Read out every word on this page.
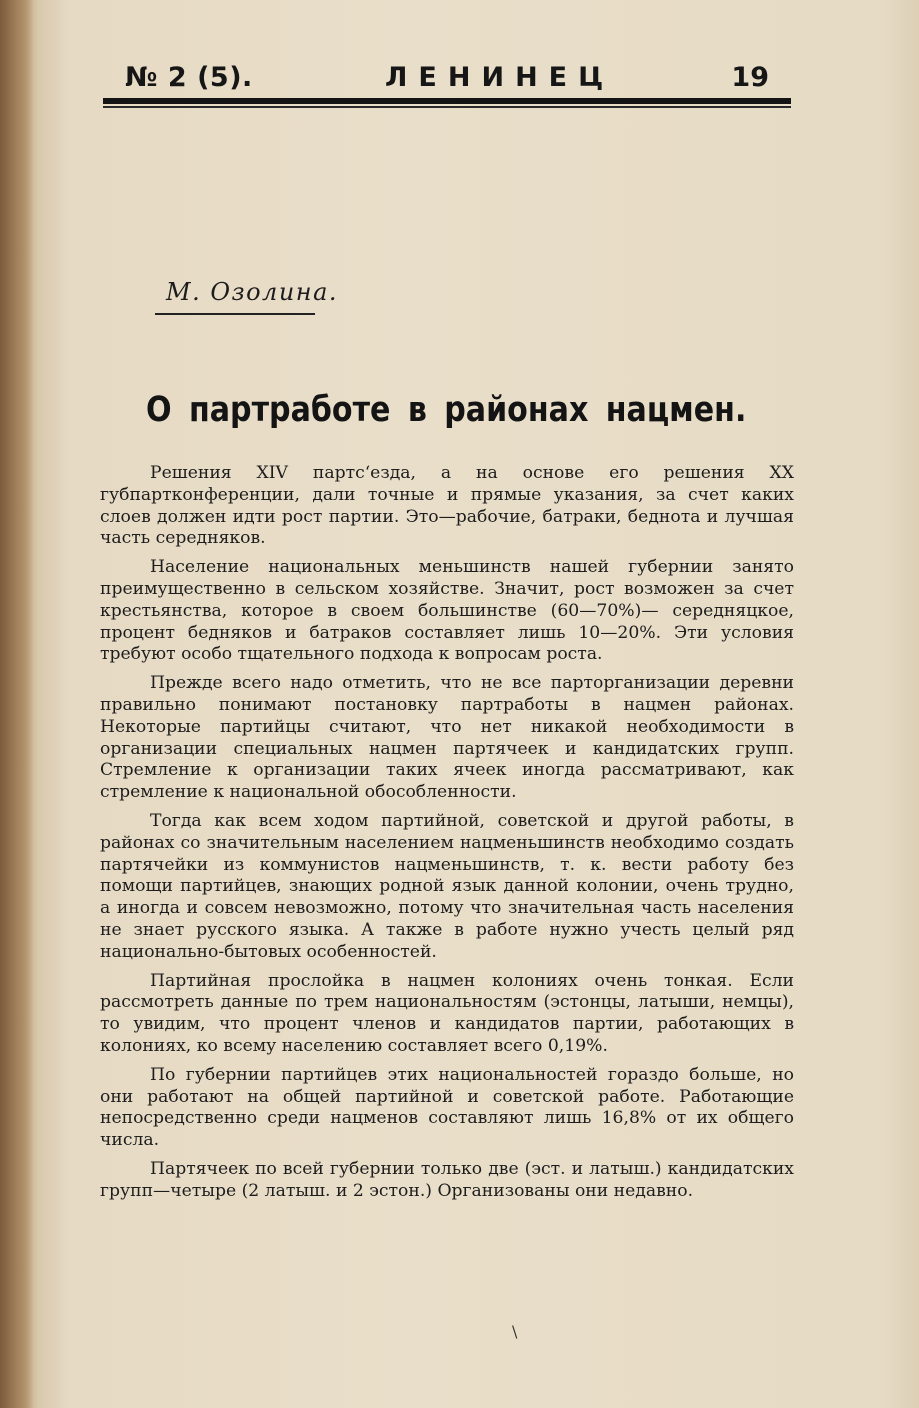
№ 2 (5).	ЛЕНИНЕЦ	19
М. Озолина.
О партработе в районах нацмен.

Решения XIV партс‘езда, а на основе его решения XX губпартконференции, дали точные и прямые указания, за счет каких слоев должен идти рост партии. Это—рабочие, батраки, беднота и лучшая часть середняков.

Население национальных меньшинств нашей губернии занято преимущественно в сельском хозяйстве. Значит, рост возможен за счет крестьянства, которое в своем большинстве (60—70%)— середняцкое, процент бедняков и батраков составляет лишь 10—20%. Эти условия требуют особо тщательного подхода к вопросам роста.

Прежде всего надо отметить, что не все парторганизации деревни правильно понимают постановку партработы в нацмен районах. Некоторые партийцы считают, что нет никакой необходимости в организации специальных нацмен партячеек и кандидатских групп. Стремление к организации таких ячеек иногда рассматривают, как стремление к национальной обособленности.

Тогда как всем ходом партийной, советской и другой работы, в районах со значительным населением нацменьшинств необходимо создать партячейки из коммунистов нацменьшинств, т. к. вести работу без помощи партийцев, знающих родной язык данной колонии, очень трудно, а иногда и совсем невозможно, потому что значительная часть населения не знает русского языка. А также в работе нужно учесть целый ряд национально-бытовых особенностей.

Партийная прослойка в нацмен колониях очень тонкая. Если рассмотреть данные по трем национальностям (эстонцы, латыши, немцы), то увидим, что процент членов и кандидатов партии, работающих в колониях, ко всему населению составляет всего 0,19%.

По губернии партийцев этих национальностей гораздо больше, но они работают на общей партийной и советской работе. Работающие непосредственно среди нацменов составляют лишь 16,8% от их общего числа.

Партячеек по всей губернии только две (эст. и латыш.) кандидатских групп—четыре (2 латыш. и 2 эстон.) Организованы они недавно.

\
